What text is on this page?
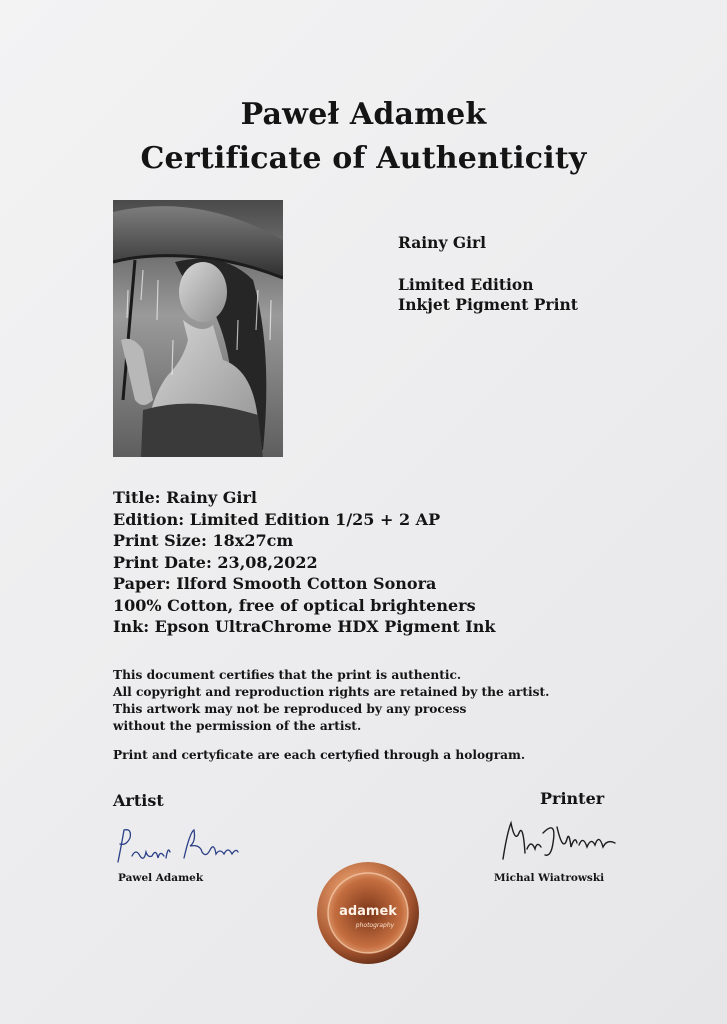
Paweł Adamek
Certificate of Authenticity
Rainy Girl
Limited Edition
Inkjet Pigment Print
Title: Rainy Girl
Edition: Limited Edition 1/25 + 2 AP
Print Size: 18x27cm
Print Date: 23,08,2022
Paper: Ilford Smooth Cotton Sonora
100% Cotton, free of optical brighteners
Ink: Epson UltraChrome HDX Pigment Ink
This document certifies that the print is authentic.
All copyright and reproduction rights are retained by the artist.
This artwork may not be reproduced by any process
without the permission of the artist.
Print and certyficate are each certyfied through a hologram.
Artist	Printer
Pawel Adamek	Michal Wiatrowski
adamek
photography
